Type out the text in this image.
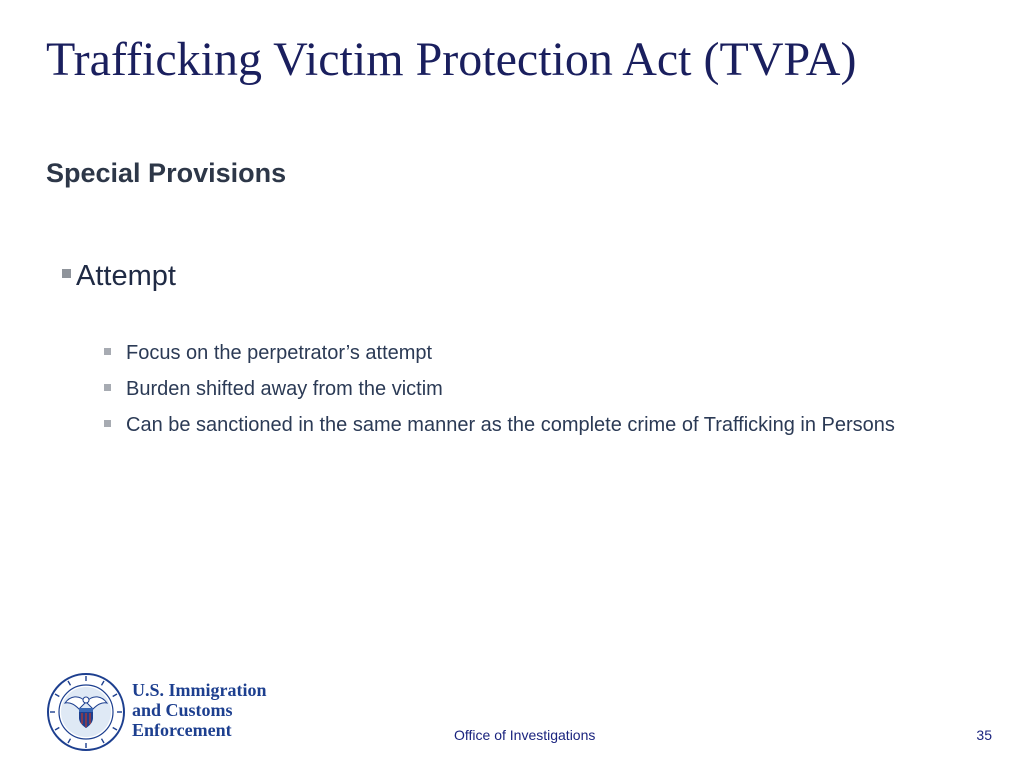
Trafficking Victim Protection Act (TVPA)
Special Provisions

Attempt

Focus on the perpetrator’s attempt
Burden shifted away from the victim
Can be sanctioned in the same manner as the complete crime of Trafficking in Persons

U.S. Immigration
and Customs
Enforcement	Office of Investigations	35
